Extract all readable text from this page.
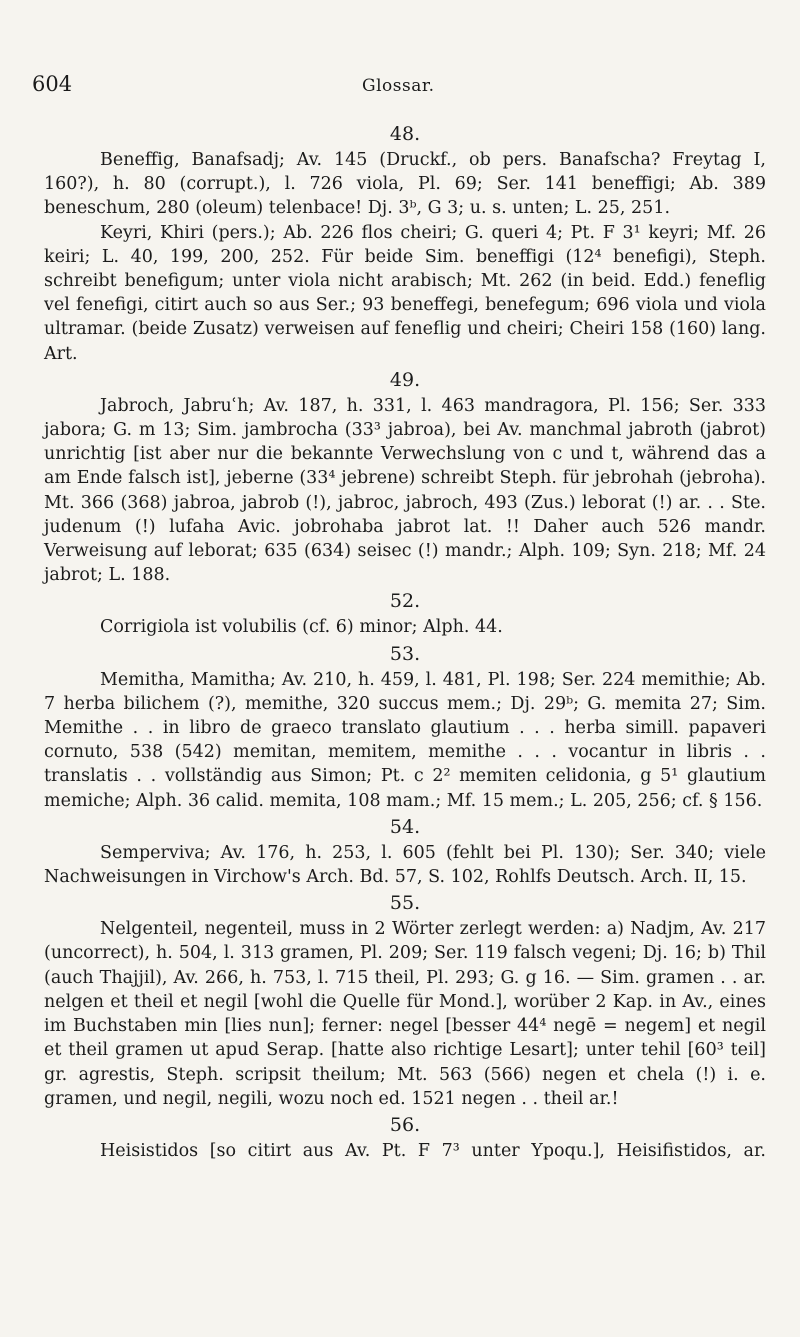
604	Glossar.
48.

Beneffig, Banafsadj; Av. 145 (Druckf., ob pers. Banafscha? Freytag I, 160?), h. 80 (corrupt.), l. 726 viola, Pl. 69; Ser. 141 beneffigi; Ab. 389 beneschum, 280 (oleum) telenbace! Dj. 3ᵇ, G 3; u. s. unten; L. 25, 251.

Keyri, Khiri (pers.); Ab. 226 flos cheiri; G. queri 4; Pt. F 3¹ keyri; Mf. 26 keiri; L. 40, 199, 200, 252. Für beide Sim. beneffigi (12⁴ benefigi), Steph. schreibt benefigum; unter viola nicht arabisch; Mt. 262 (in beid. Edd.) feneflig vel fenefigi, citirt auch so aus Ser.; 93 beneffegi, benefegum; 696 viola und viola ultramar. (beide Zusatz) verweisen auf feneflig und cheiri; Cheiri 158 (160) lang. Art.

49.

Jabroch, Jabruʿh; Av. 187, h. 331, l. 463 mandragora, Pl. 156; Ser. 333 jabora; G. m 13; Sim. jambrocha (33³ jabroa), bei Av. manchmal jabroth (jabrot) unrichtig [ist aber nur die bekannte Verwechslung von c und t, während das a am Ende falsch ist], jeberne (33⁴ jebrene) schreibt Steph. für jebrohah (jebroha). Mt. 366 (368) jabroa, jabrob (!), jabroc, jabroch, 493 (Zus.) leborat (!) ar. . . Ste. judenum (!) lufaha Avic. jobrohaba jabrot lat. !! Daher auch 526 mandr. Verweisung auf leborat; 635 (634) seisec (!) mandr.; Alph. 109; Syn. 218; Mf. 24 jabrot; L. 188.

52.

Corrigiola ist volubilis (cf. 6) minor; Alph. 44.

53.

Memitha, Mamitha; Av. 210, h. 459, l. 481, Pl. 198; Ser. 224 memithie; Ab. 7 herba bilichem (?), memithe, 320 succus mem.; Dj. 29ᵇ; G. memita 27; Sim. Memithe . . in libro de graeco translato glautium . . . herba simill. papaveri cornuto, 538 (542) memitan, memitem, memithe . . . vocantur in libris . . translatis . . vollständig aus Simon; Pt. c 2² memiten celidonia, g 5¹ glautium memiche; Alph. 36 calid. memita, 108 mam.; Mf. 15 mem.; L. 205, 256; cf. § 156.

54.

Semperviva; Av. 176, h. 253, l. 605 (fehlt bei Pl. 130); Ser. 340; viele Nachweisungen in Virchow's Arch. Bd. 57, S. 102, Rohlfs Deutsch. Arch. II, 15.

55.

Nelgenteil, negenteil, muss in 2 Wörter zerlegt werden: a) Nadjm, Av. 217 (uncorrect), h. 504, l. 313 gramen, Pl. 209; Ser. 119 falsch vegeni; Dj. 16; b) Thil (auch Thajjil), Av. 266, h. 753, l. 715 theil, Pl. 293; G. g 16. — Sim. gramen . . ar. nelgen et theil et negil [wohl die Quelle für Mond.], worüber 2 Kap. in Av., eines im Buchstaben min [lies nun]; ferner: negel [besser 44⁴ negē = negem] et negil et theil gramen ut apud Serap. [hatte also richtige Lesart]; unter tehil [60³ teil] gr. agrestis, Steph. scripsit theilum; Mt. 563 (566) negen et chela (!) i. e. gramen, und negil, negili, wozu noch ed. 1521 negen . . theil ar.!

56.

Heisistidos [so citirt aus Av. Pt. F 7³ unter Ypoqu.], Heisifistidos, ar.
